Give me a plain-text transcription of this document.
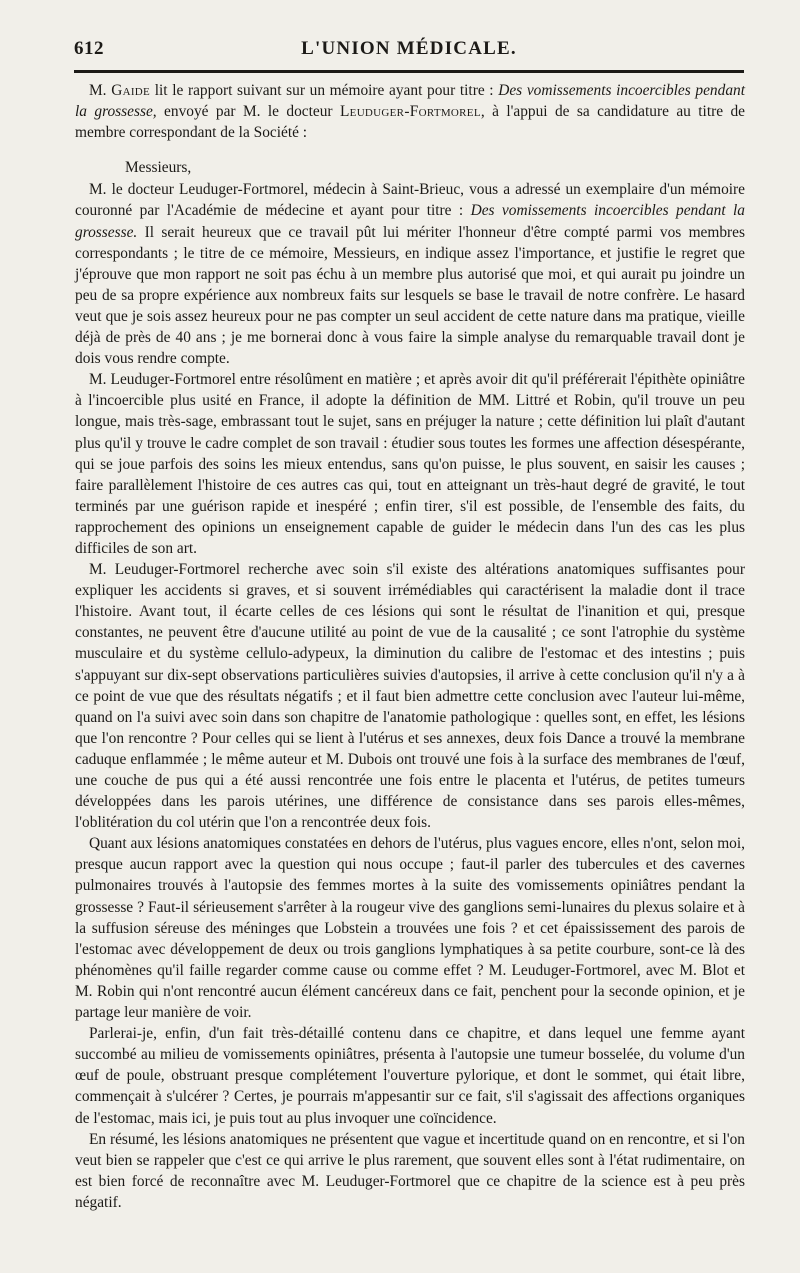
612	L'UNION MÉDICALE.

M. Gaide lit le rapport suivant sur un mémoire ayant pour titre : Des vomissements incoercibles pendant la grossesse, envoyé par M. le docteur Leuduger-Fortmorel, à l'appui de sa candidature au titre de membre correspondant de la Société :

Messieurs,

M. le docteur Leuduger-Fortmorel, médecin à Saint-Brieuc, vous a adressé un exemplaire d'un mémoire couronné par l'Académie de médecine et ayant pour titre : Des vomissements incoercibles pendant la grossesse. Il serait heureux que ce travail pût lui mériter l'honneur d'être compté parmi vos membres correspondants ; le titre de ce mémoire, Messieurs, en indique assez l'importance, et justifie le regret que j'éprouve que mon rapport ne soit pas échu à un membre plus autorisé que moi, et qui aurait pu joindre un peu de sa propre expérience aux nombreux faits sur lesquels se base le travail de notre confrère. Le hasard veut que je sois assez heureux pour ne pas compter un seul accident de cette nature dans ma pratique, vieille déjà de près de 40 ans ; je me bornerai donc à vous faire la simple analyse du remarquable travail dont je dois vous rendre compte.

M. Leuduger-Fortmorel entre résolûment en matière ; et après avoir dit qu'il préférerait l'épithète opiniâtre à l'incoercible plus usité en France, il adopte la définition de MM. Littré et Robin, qu'il trouve un peu longue, mais très-sage, embrassant tout le sujet, sans en préjuger la nature ; cette définition lui plaît d'autant plus qu'il y trouve le cadre complet de son travail : étudier sous toutes les formes une affection désespérante, qui se joue parfois des soins les mieux entendus, sans qu'on puisse, le plus souvent, en saisir les causes ; faire parallèlement l'histoire de ces autres cas qui, tout en atteignant un très-haut degré de gravité, le tout terminés par une guérison rapide et inespéré ; enfin tirer, s'il est possible, de l'ensemble des faits, du rapprochement des opinions un enseignement capable de guider le médecin dans l'un des cas les plus difficiles de son art.

M. Leuduger-Fortmorel recherche avec soin s'il existe des altérations anatomiques suffisantes pour expliquer les accidents si graves, et si souvent irrémédiables qui caractérisent la maladie dont il trace l'histoire. Avant tout, il écarte celles de ces lésions qui sont le résultat de l'inanition et qui, presque constantes, ne peuvent être d'aucune utilité au point de vue de la causalité ; ce sont l'atrophie du système musculaire et du système cellulo-adypeux, la diminution du calibre de l'estomac et des intestins ; puis s'appuyant sur dix-sept observations particulières suivies d'autopsies, il arrive à cette conclusion qu'il n'y a à ce point de vue que des résultats négatifs ; et il faut bien admettre cette conclusion avec l'auteur lui-même, quand on l'a suivi avec soin dans son chapitre de l'anatomie pathologique : quelles sont, en effet, les lésions que l'on rencontre ? Pour celles qui se lient à l'utérus et ses annexes, deux fois Dance a trouvé la membrane caduque enflammée ; le même auteur et M. Dubois ont trouvé une fois à la surface des membranes de l'œuf, une couche de pus qui a été aussi rencontrée une fois entre le placenta et l'utérus, de petites tumeurs développées dans les parois utérines, une différence de consistance dans ses parois elles-mêmes, l'oblitération du col utérin que l'on a rencontrée deux fois.

Quant aux lésions anatomiques constatées en dehors de l'utérus, plus vagues encore, elles n'ont, selon moi, presque aucun rapport avec la question qui nous occupe ; faut-il parler des tubercules et des cavernes pulmonaires trouvés à l'autopsie des femmes mortes à la suite des vomissements opiniâtres pendant la grossesse ? Faut-il sérieusement s'arrêter à la rougeur vive des ganglions semi-lunaires du plexus solaire et à la suffusion séreuse des méninges que Lobstein a trouvées une fois ? et cet épaississement des parois de l'estomac avec développement de deux ou trois ganglions lymphatiques à sa petite courbure, sont-ce là des phénomènes qu'il faille regarder comme cause ou comme effet ? M. Leuduger-Fortmorel, avec M. Blot et M. Robin qui n'ont rencontré aucun élément cancéreux dans ce fait, penchent pour la seconde opinion, et je partage leur manière de voir.

Parlerai-je, enfin, d'un fait très-détaillé contenu dans ce chapitre, et dans lequel une femme ayant succombé au milieu de vomissements opiniâtres, présenta à l'autopsie une tumeur bosselée, du volume d'un œuf de poule, obstruant presque complétement l'ouverture pylorique, et dont le sommet, qui était libre, commençait à s'ulcérer ? Certes, je pourrais m'appesantir sur ce fait, s'il s'agissait des affections organiques de l'estomac, mais ici, je puis tout au plus invoquer une coïncidence.

En résumé, les lésions anatomiques ne présentent que vague et incertitude quand on en rencontre, et si l'on veut bien se rappeler que c'est ce qui arrive le plus rarement, que souvent elles sont à l'état rudimentaire, on est bien forcé de reconnaître avec M. Leuduger-Fortmorel que ce chapitre de la science est à peu près négatif.
